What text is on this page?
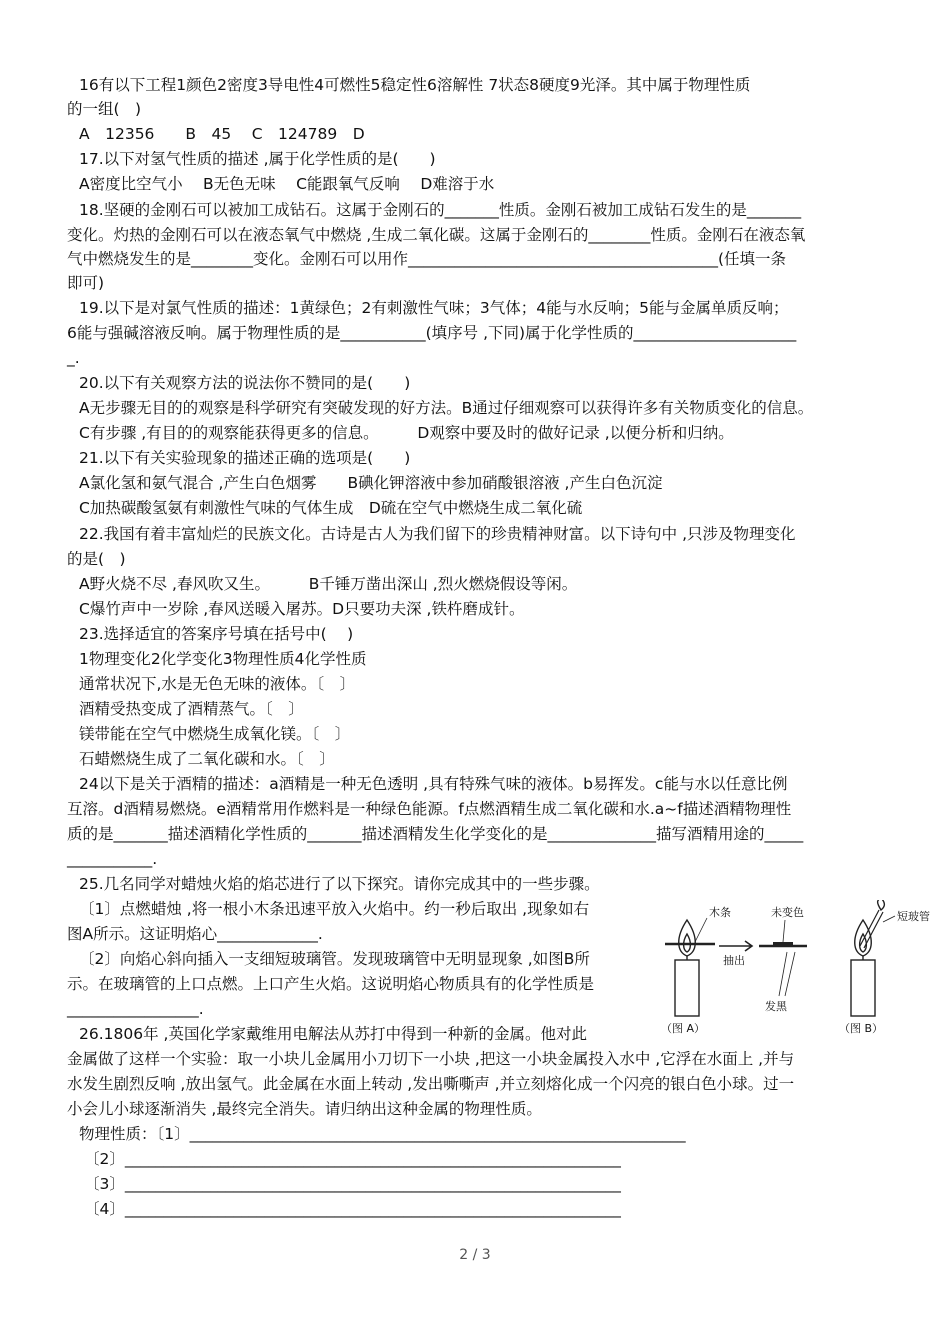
16有以下工程1颜色2密度3导电性4可燃性5稳定性6溶解性 7状态8硬度9光泽。其中属于物理性质
的一组(　)
A　12356　　B　45　 C　124789　D
17.以下对氢气性质的描述 ,属于化学性质的是(　　)
A密度比空气小　 B无色无味　 C能跟氧气反响　 D难溶于水
18.坚硬的金刚石可以被加工成钻石。这属于金刚石的_______性质。金刚石被加工成钻石发生的是_______
变化。灼热的金刚石可以在液态氧气中燃烧 ,生成二氧化碳。这属于金刚石的________性质。金刚石在液态氧
气中燃烧发生的是________变化。金刚石可以用作________________________________________(任填一条
即可)
19.以下是对氯气性质的描述：1黄绿色；2有刺激性气味；3气体；4能与水反响；5能与金属单质反响；
6能与强碱溶液反响。属于物理性质的是___________(填序号 ,下同)属于化学性质的_____________________
_.
20.以下有关观察方法的说法你不赞同的是(　　)
A无步骤无目的的观察是科学研究有突破发现的好方法。B通过仔细观察可以获得许多有关物质变化的信息。
C有步骤 ,有目的的观察能获得更多的信息。　　　D观察中要及时的做好记录 ,以便分析和归纳。
21.以下有关实验现象的描述正确的选项是(　　)
A氯化氢和氨气混合 ,产生白色烟雾　　B碘化钾溶液中参加硝酸银溶液 ,产生白色沉淀
C加热碳酸氢氨有刺激性气味的气体生成　D硫在空气中燃烧生成二氧化硫
22.我国有着丰富灿烂的民族文化。古诗是古人为我们留下的珍贵精神财富。以下诗句中 ,只涉及物理变化
的是(　)
A野火烧不尽 ,春风吹又生。　　　B千锤万凿出深山 ,烈火燃烧假设等闲。
C爆竹声中一岁除 ,春风送暖入屠苏。D只要功夫深 ,铁杵磨成针。
23.选择适宜的答案序号填在括号中(　 )
1物理变化2化学变化3物理性质4化学性质
通常状况下,水是无色无味的液体。〔　〕
酒精受热变成了酒精蒸气。〔　〕
镁带能在空气中燃烧生成氧化镁。〔　〕
石蜡燃烧生成了二氧化碳和水。〔　〕
24以下是关于酒精的描述：a酒精是一种无色透明 ,具有特殊气味的液体。b易挥发。c能与水以任意比例
互溶。d酒精易燃烧。e酒精常用作燃料是一种绿色能源。f点燃酒精生成二氧化碳和水.a~f描述酒精物理性
质的是_______描述酒精化学性质的_______描述酒精发生化学变化的是______________描写酒精用途的_____
___________.
25.几名同学对蜡烛火焰的焰芯进行了以下探究。请你完成其中的一些步骤。
〔1〕点燃蜡烛 ,将一根小木条迅速平放入火焰中。约一秒后取出 ,现象如右
图A所示。这证明焰心_____________.
〔2〕向焰心斜向插入一支细短玻璃管。发现玻璃管中无明显现象 ,如图B所
示。在玻璃管的上口点燃。上口产生火焰。这说明焰心物质具有的化学性质是
_________________.
26.1806年 ,英国化学家戴维用电解法从苏打中得到一种新的金属。他对此
金属做了这样一个实验：取一小块儿金属用小刀切下一小块 ,把这一小块金属投入水中 ,它浮在水面上 ,并与
水发生剧烈反响 ,放出氢气。此金属在水面上转动 ,发出嘶嘶声 ,并立刻熔化成一个闪亮的银白色小球。过一
小会儿小球逐渐消失 ,最终完全消失。请归纳出这种金属的物理性质。
物理性质：〔1〕________________________________________________________________
〔2〕________________________________________________________________
〔3〕________________________________________________________________
〔4〕________________________________________________________________
木条
抽出
未变色
发黑
（图 A）
短玻管
（图 B）
2 / 3
